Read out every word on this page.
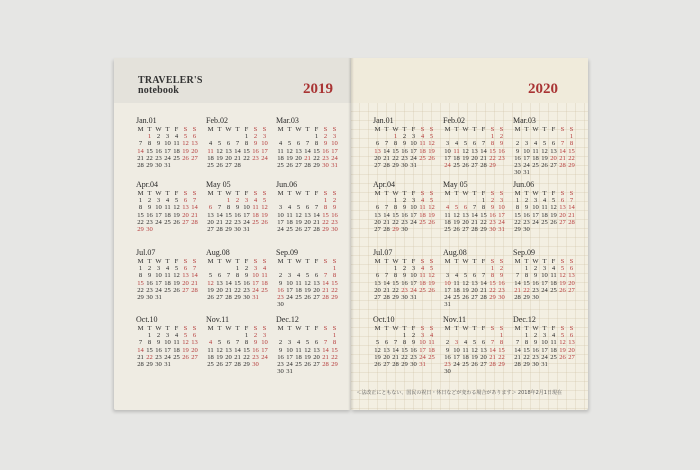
TRAVELER'S
notebook	2019
Jan.01
M T W T F S S
1 2 3 4 5 6
7 8 9 10 11 12 13
14 15 16 17 18 19 20
21 22 23 24 25 26 27
28 29 30 31
Feb.02
M T W T F S S
1 2 3
4 5 6 7 8 9 10
11 12 13 14 15 16 17
18 19 20 21 22 23 24
25 26 27 28
Mar.03
M T W T F S S
1 2 3
4 5 6 7 8 9 10
11 12 13 14 15 16 17
18 19 20 21 22 23 24
25 26 27 28 29 30 31
Apr.04
M T W T F S S
1 2 3 4 5 6 7
8 9 10 11 12 13 14
15 16 17 18 19 20 21
22 23 24 25 26 27 28
29 30
May 05
M T W T F S S
1 2 3 4 5
6 7 8 9 10 11 12
13 14 15 16 17 18 19
20 21 22 23 24 25 26
27 28 29 30 31
Jun.06
M T W T F S S
1 2
3 4 5 6 7 8 9
10 11 12 13 14 15 16
17 18 19 20 21 22 23
24 25 26 27 28 29 30
Jul.07
M T W T F S S
1 2 3 4 5 6 7
8 9 10 11 12 13 14
15 16 17 18 19 20 21
22 23 24 25 26 27 28
29 30 31
Aug.08
M T W T F S S
1 2 3 4
5 6 7 8 9 10 11
12 13 14 15 16 17 18
19 20 21 22 23 24 25
26 27 28 29 30 31
Sep.09
M T W T F S S
1
2 3 4 5 6 7 8
9 10 11 12 13 14 15
16 17 18 19 20 21 22
23 24 25 26 27 28 29
30
Oct.10
M T W T F S S
1 2 3 4 5 6
7 8 9 10 11 12 13
14 15 16 17 18 19 20
21 22 23 24 25 26 27
28 29 30 31
Nov.11
M T W T F S S
1 2 3
4 5 6 7 8 9 10
11 12 13 14 15 16 17
18 19 20 21 22 23 24
25 26 27 28 29 30
Dec.12
M T W T F S S
1
2 3 4 5 6 7 8
9 10 11 12 13 14 15
16 17 18 19 20 21 22
23 24 25 26 27 28 29
30 31
2020
Jan.01
M T W T F S S
1 2 3 4 5
6 7 8 9 10 11 12
13 14 15 16 17 18 19
20 21 22 23 24 25 26
27 28 29 30 31
Feb.02
M T W T F S S
1 2
3 4 5 6 7 8 9
10 11 12 13 14 15 16
17 18 19 20 21 22 23
24 25 26 27 28 29
Mar.03
M T W T F S S
1
2 3 4 5 6 7 8
9 10 11 12 13 14 15
16 17 18 19 20 21 22
23 24 25 26 27 28 29
30 31
Apr.04
M T W T F S S
1 2 3 4 5
6 7 8 9 10 11 12
13 14 15 16 17 18 19
20 21 22 23 24 25 26
27 28 29 30
May 05
M T W T F S S
1 2 3
4 5 6 7 8 9 10
11 12 13 14 15 16 17
18 19 20 21 22 23 24
25 26 27 28 29 30 31
Jun.06
M T W T F S S
1 2 3 4 5 6 7
8 9 10 11 12 13 14
15 16 17 18 19 20 21
22 23 24 25 26 27 28
29 30
Jul.07
M T W T F S S
1 2 3 4 5
6 7 8 9 10 11 12
13 14 15 16 17 18 19
20 21 22 23 24 25 26
27 28 29 30 31
Aug.08
M T W T F S S
1 2
3 4 5 6 7 8 9
10 11 12 13 14 15 16
17 18 19 20 21 22 23
24 25 26 27 28 29 30
31
Sep.09
M T W T F S S
1 2 3 4 5 6
7 8 9 10 11 12 13
14 15 16 17 18 19 20
21 22 23 24 25 26 27
28 29 30
Oct.10
M T W T F S S
1 2 3 4
5 6 7 8 9 10 11
12 13 14 15 16 17 18
19 20 21 22 23 24 25
26 27 28 29 30 31
Nov.11
M T W T F S S
1
2 3 4 5 6 7 8
9 10 11 12 13 14 15
16 17 18 19 20 21 22
23 24 25 26 27 28 29
30
Dec.12
M T W T F S S
1 2 3 4 5 6
7 8 9 10 11 12 13
14 15 16 17 18 19 20
21 22 23 24 25 26 27
28 29 30 31
＜法改正にともない、国民の祝日・休日などが変わる場合があります＞ 2018年2月1日現在
